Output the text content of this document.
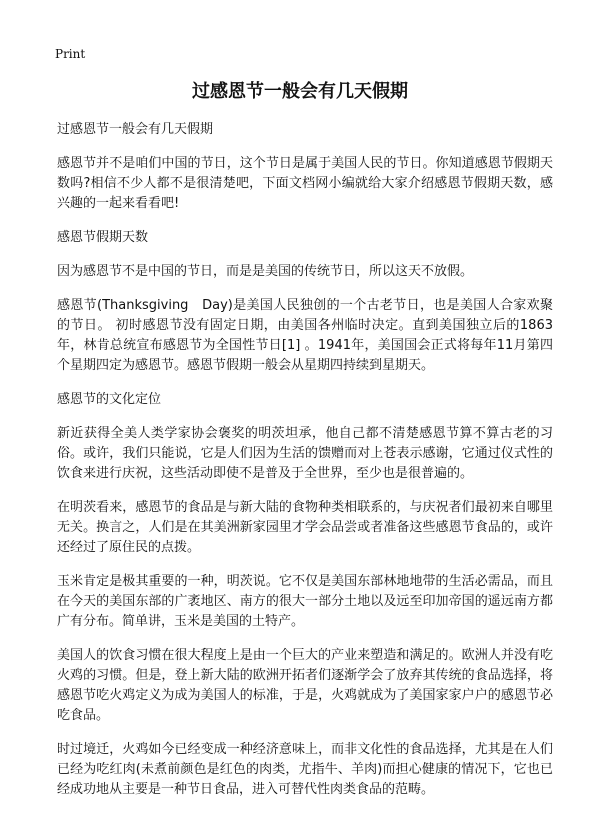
Print
过感恩节一般会有几天假期

过感恩节一般会有几天假期

感恩节并不是咱们中国的节日，这个节日是属于美国人民的节日。你知道感恩节假期天数吗?相信不少人都不是很清楚吧，下面文档网小编就给大家介绍感恩节假期天数，感兴趣的一起来看看吧!

感恩节假期天数

因为感恩节不是中国的节日，而是是美国的传统节日，所以这天不放假。

感恩节(Thanksgiving　Day)是美国人民独创的一个古老节日，也是美国人合家欢聚的节日。 初时感恩节没有固定日期，由美国各州临时决定。直到美国独立后的1863年，林肯总统宣布感恩节为全国性节日[1] 。1941年，美国国会正式将每年11月第四个星期四定为感恩节。感恩节假期一般会从星期四持续到星期天。

感恩节的文化定位

新近获得全美人类学家协会褒奖的明茨坦承，他自己都不清楚感恩节算不算古老的习俗。或许，我们只能说，它是人们因为生活的馈赠而对上苍表示感谢，它通过仪式性的饮食来进行庆祝，这些活动即使不是普及于全世界，至少也是很普遍的。

在明茨看来，感恩节的食品是与新大陆的食物种类相联系的，与庆祝者们最初来自哪里无关。换言之，人们是在其美洲新家园里才学会品尝或者准备这些感恩节食品的，或许还经过了原住民的点拨。

玉米肯定是极其重要的一种，明茨说。它不仅是美国东部林地地带的生活必需品，而且在今天的美国东部的广袤地区、南方的很大一部分土地以及远至印加帝国的遥远南方都广有分布。简单讲，玉米是美国的土特产。

美国人的饮食习惯在很大程度上是由一个巨大的产业来塑造和满足的。欧洲人并没有吃火鸡的习惯。但是，登上新大陆的欧洲开拓者们逐渐学会了放弃其传统的食品选择，将感恩节吃火鸡定义为成为美国人的标准，于是，火鸡就成为了美国家家户户的感恩节必吃食品。

时过境迁，火鸡如今已经变成一种经济意味上，而非文化性的食品选择，尤其是在人们已经为吃红肉(未煮前颜色是红色的肉类，尤指牛、羊肉)而担心健康的情况下，它也已经成功地从主要是一种节日食品，进入可替代性肉类食品的范畴。
